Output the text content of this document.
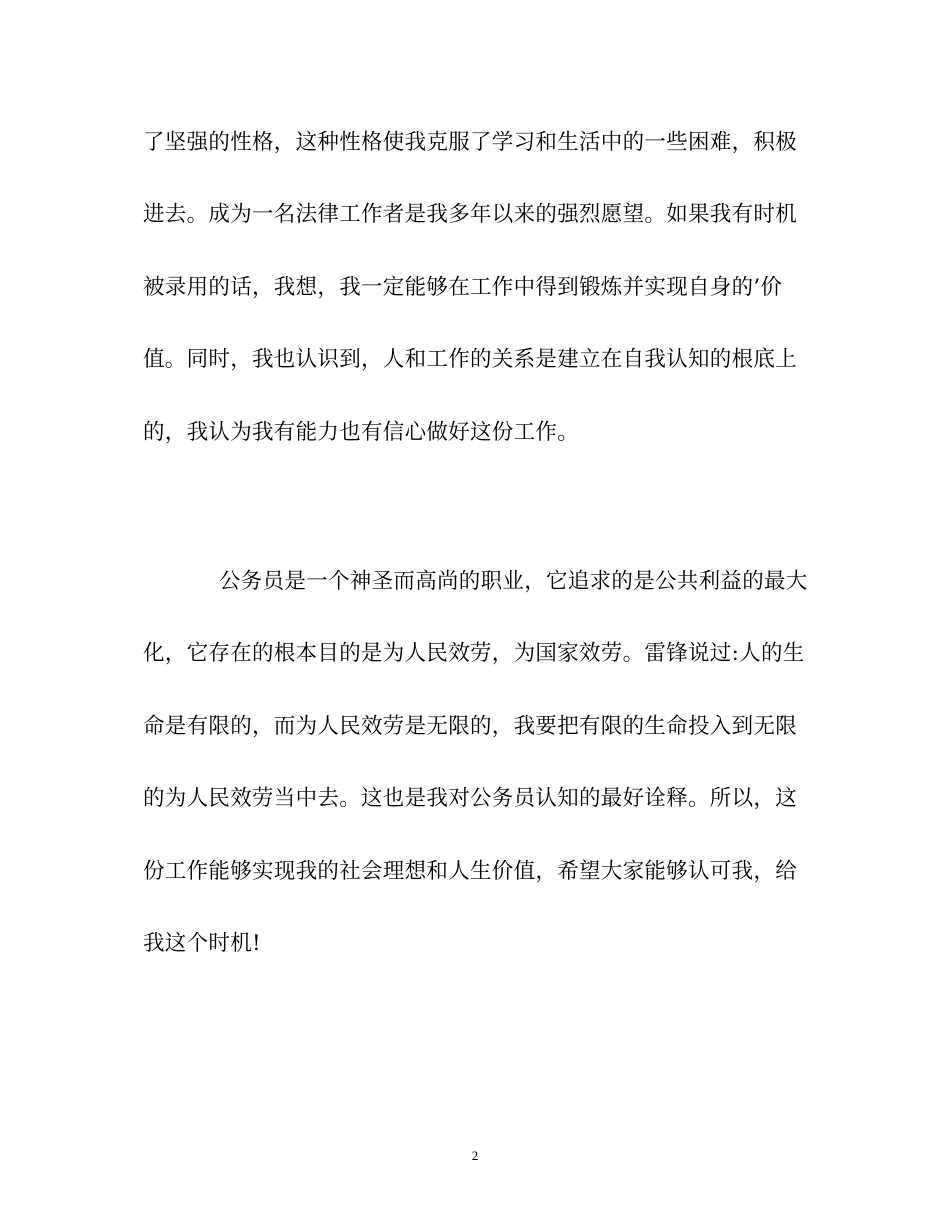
了坚强的性格，这种性格使我克服了学习和生活中的一些困难，积极
进去。成为一名法律工作者是我多年以来的强烈愿望。如果我有时机
被录用的话，我想，我一定能够在工作中得到锻炼并实现自身的’价
值。同时，我也认识到，人和工作的关系是建立在自我认知的根底上
的，我认为我有能力也有信心做好这份工作。
公务员是一个神圣而高尚的职业，它追求的是公共利益的最大
化，它存在的根本目的是为人民效劳，为国家效劳。雷锋说过:人的生
命是有限的，而为人民效劳是无限的，我要把有限的生命投入到无限
的为人民效劳当中去。这也是我对公务员认知的最好诠释。所以，这
份工作能够实现我的社会理想和人生价值，希望大家能够认可我，给
我这个时机!
2
